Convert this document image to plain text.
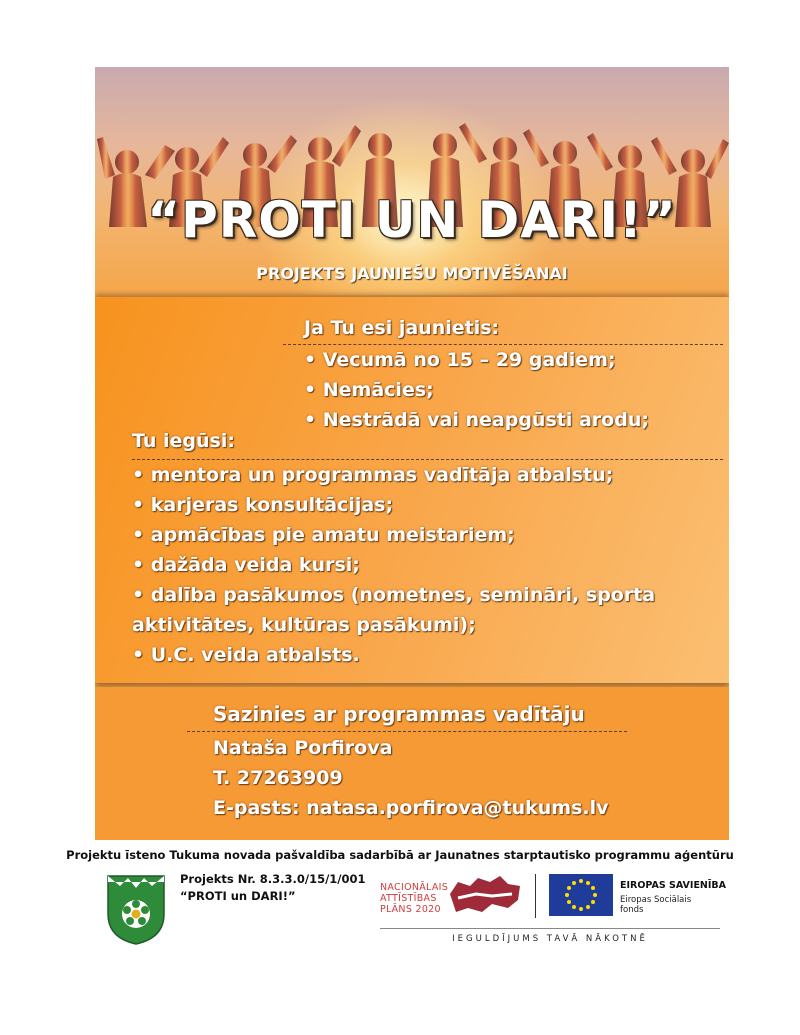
“PROTI UN DARI!”
PROJEKTS JAUNIEŠU MOTIVĒŠANAI
Ja Tu esi jaunietis:
• Vecumā no 15 – 29 gadiem;
• Nemācies;
• Nestrādā vai neapgūsti arodu;
Tu iegūsi:
• mentora un programmas vadītāja atbalstu;
• karjeras konsultācijas;
• apmācības pie amatu meistariem;
• dažāda veida kursi;
• dalība pasākumos (nometnes, semināri, sporta
aktivitātes, kultūras pasākumi);
• U.C. veida atbalsts.
Sazinies ar programmas vadītāju
Nataša Porfirova
T. 27263909
E-pasts: natasa.porfirova@tukums.lv
Projektu īsteno Tukuma novada pašvaldība sadarbībā ar Jaunatnes starptautisko programmu aģentūru
Projekts Nr. 8.3.3.0/15/1/001
“PROTI un DARI!”
NACIONĀLAIS
ATTĪSTĪBAS
PLĀNS 2020
EIROPAS SAVIENĪBA
Eiropas Sociālais
fonds
IEGULDĪJUMS TAVĀ NĀKOTNĒ
